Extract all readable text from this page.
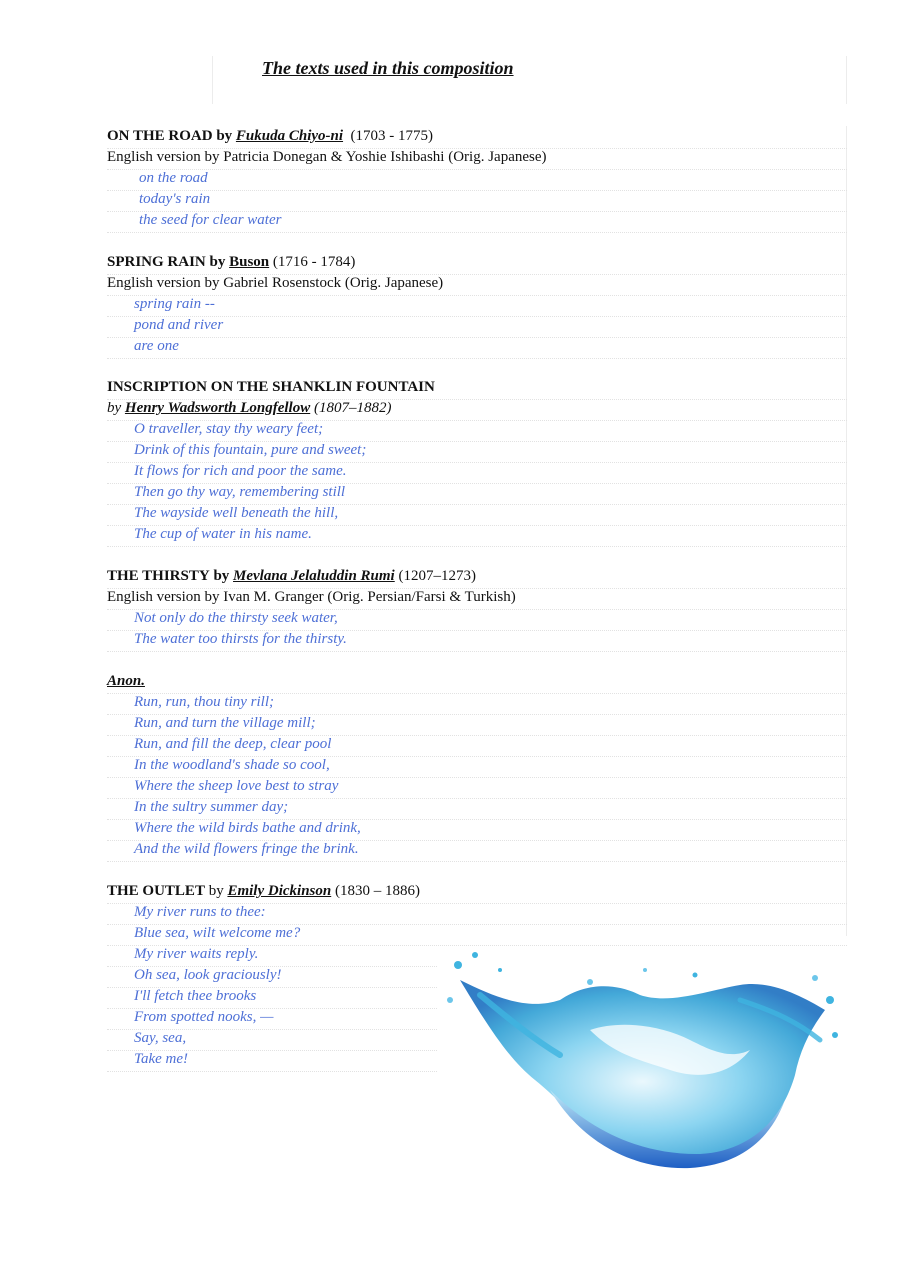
The texts used in this composition
ON THE ROAD by Fukuda Chiyo-ni (1703 - 1775)
English version by Patricia Donegan & Yoshie Ishibashi (Orig. Japanese)
on the road
today's rain
the seed for clear water
SPRING RAIN by Buson (1716 - 1784)
English version by Gabriel Rosenstock (Orig. Japanese)
spring rain --
pond and river
are one
INSCRIPTION ON THE SHANKLIN FOUNTAIN
by Henry Wadsworth Longfellow (1807–1882)
O traveller, stay thy weary feet;
Drink of this fountain, pure and sweet;
It flows for rich and poor the same.
Then go thy way, remembering still
The wayside well beneath the hill,
The cup of water in his name.
THE THIRSTY by Mevlana Jelaluddin Rumi (1207–1273)
English version by Ivan M. Granger (Orig. Persian/Farsi & Turkish)
Not only do the thirsty seek water,
The water too thirsts for the thirsty.
Anon.
Run, run, thou tiny rill;
Run, and turn the village mill;
Run, and fill the deep, clear pool
In the woodland's shade so cool,
Where the sheep love best to stray
In the sultry summer day;
Where the wild birds bathe and drink,
And the wild flowers fringe the brink.
THE OUTLET by Emily Dickinson (1830 – 1886)
My river runs to thee:
Blue sea, wilt welcome me?
My river waits reply.
Oh sea, look graciously!
I'll fetch thee brooks
From spotted nooks, —
Say, sea,
Take me!
